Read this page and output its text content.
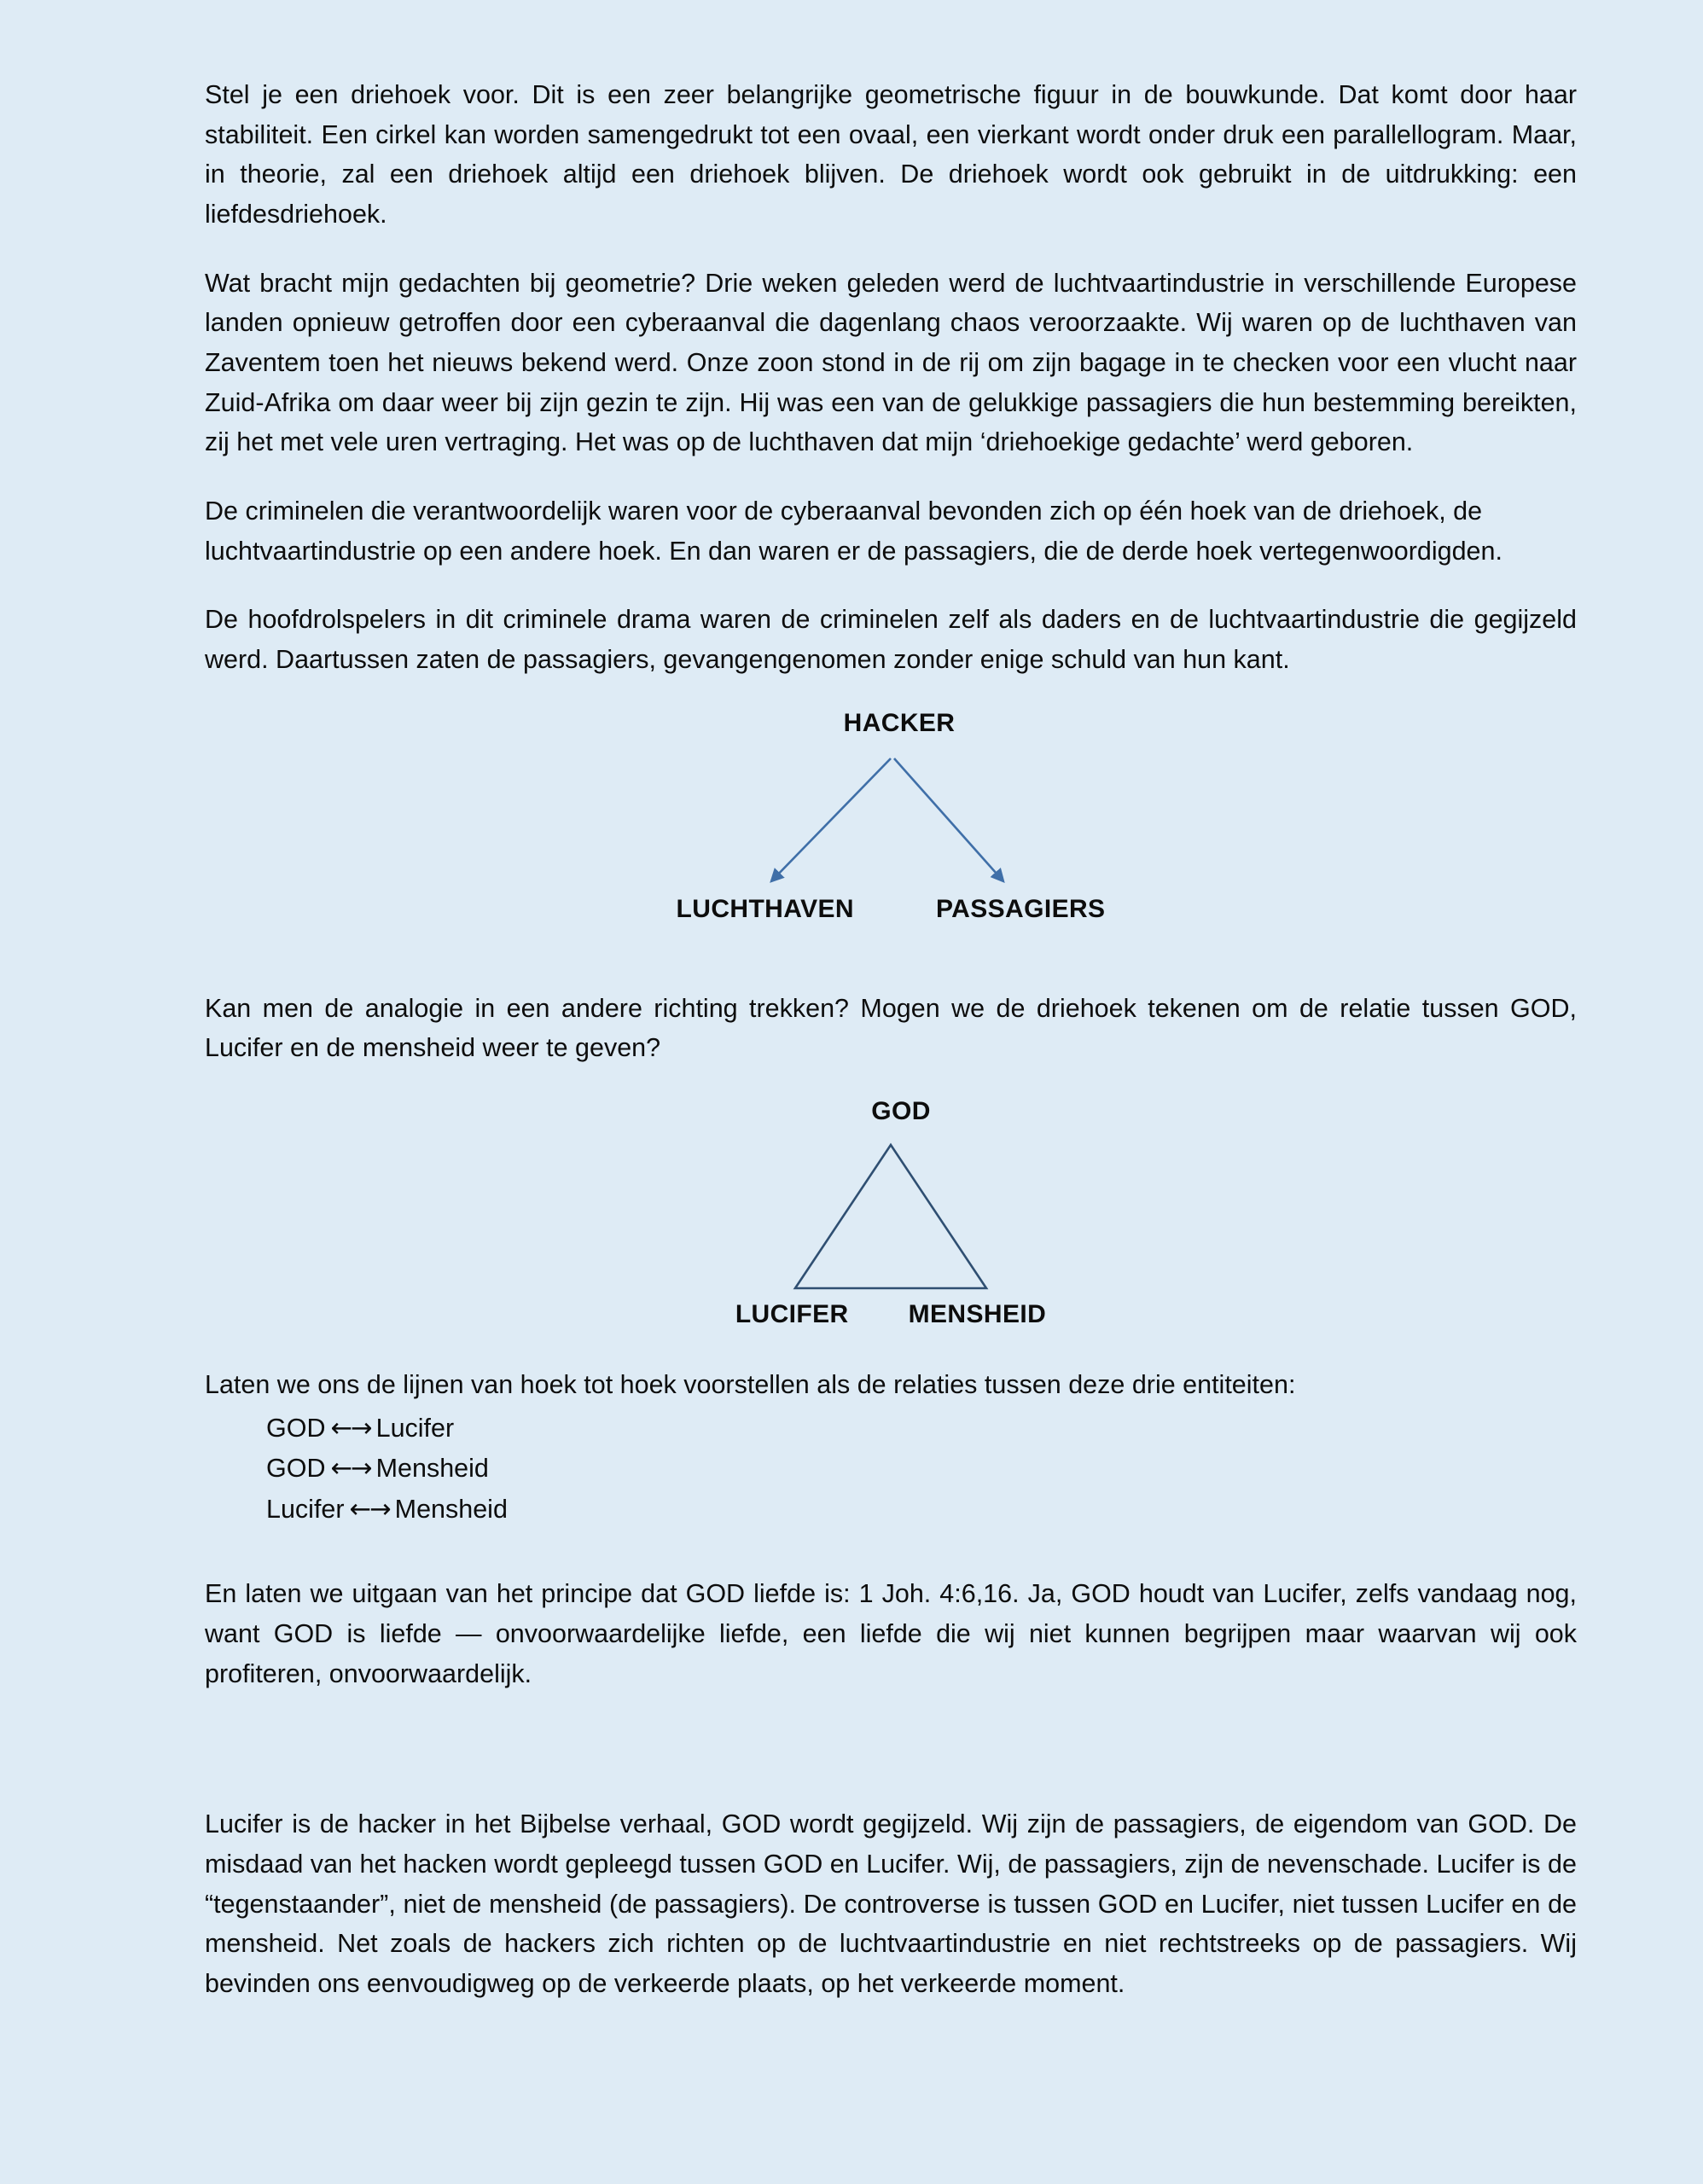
Stel je een driehoek voor. Dit is een zeer belangrijke geometrische figuur in de bouwkunde. Dat komt door haar stabiliteit. Een cirkel kan worden samengedrukt tot een ovaal, een vierkant wordt onder druk een parallellogram. Maar, in theorie, zal een driehoek altijd een driehoek blijven. De driehoek wordt ook gebruikt in de uitdrukking: een liefdesdriehoek.

Wat bracht mijn gedachten bij geometrie? Drie weken geleden werd de luchtvaartindustrie in verschillende Europese landen opnieuw getroffen door een cyberaanval die dagenlang chaos veroorzaakte. Wij waren op de luchthaven van Zaventem toen het nieuws bekend werd. Onze zoon stond in de rij om zijn bagage in te checken voor een vlucht naar Zuid-Afrika om daar weer bij zijn gezin te zijn. Hij was een van de gelukkige passagiers die hun bestemming bereikten, zij het met vele uren vertraging. Het was op de luchthaven dat mijn ‘driehoekige gedachte’ werd geboren.

De criminelen die verantwoordelijk waren voor de cyberaanval bevonden zich op één hoek van de driehoek, de luchtvaartindustrie op een andere hoek. En dan waren er de passagiers, die de derde hoek vertegenwoordigden.

De hoofdrolspelers in dit criminele drama waren de criminelen zelf als daders en de luchtvaartindustrie die gegijzeld werd. Daartussen zaten de passagiers, gevangengenomen zonder enige schuld van hun kant.

HACKER
LUCHTHAVEN	PASSAGIERS

Kan men de analogie in een andere richting trekken? Mogen we de driehoek tekenen om de relatie tussen GOD, Lucifer en de mensheid weer te geven?

GOD
LUCIFER MENSHEID

Laten we ons de lijnen van hoek tot hoek voorstellen als de relaties tussen deze drie entiteiten:

GOD ←→ Lucifer
GOD ←→ Mensheid
Lucifer ←→ Mensheid

En laten we uitgaan van het principe dat GOD liefde is: 1 Joh. 4:6,16. Ja, GOD houdt van Lucifer, zelfs vandaag nog, want GOD is liefde — onvoorwaardelijke liefde, een liefde die wij niet kunnen begrijpen maar waarvan wij ook profiteren, onvoorwaardelijk.

Lucifer is de hacker in het Bijbelse verhaal, GOD wordt gegijzeld. Wij zijn de passagiers, de eigendom van GOD. De misdaad van het hacken wordt gepleegd tussen GOD en Lucifer. Wij, de passagiers, zijn de nevenschade. Lucifer is de “tegenstaander”, niet de mensheid (de passagiers). De controverse is tussen GOD en Lucifer, niet tussen Lucifer en de mensheid. Net zoals de hackers zich richten op de luchtvaartindustrie en niet rechtstreeks op de passagiers. Wij bevinden ons eenvoudigweg op de verkeerde plaats, op het verkeerde moment.
